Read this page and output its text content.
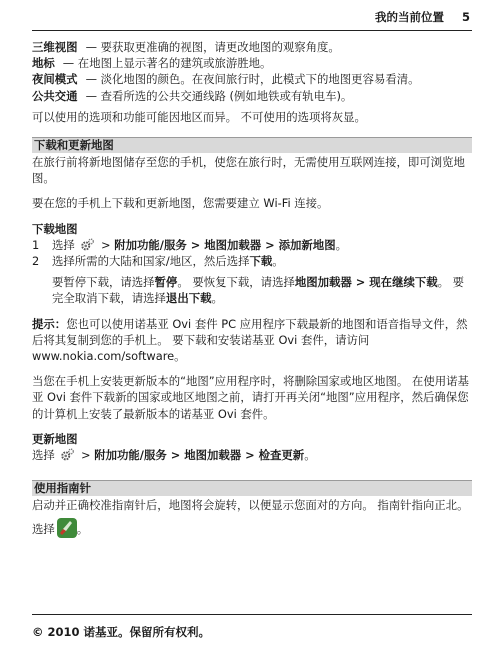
我的当前位置 5
三维视图 — 要获取更准确的视图，请更改地图的观察角度。
地标 — 在地图上显示著名的建筑或旅游胜地。
夜间模式 — 淡化地图的颜色。在夜间旅行时，此模式下的地图更容易看清。
公共交通 — 查看所选的公共交通线路 (例如地铁或有轨电车)。

可以使用的选项和功能可能因地区而异。 不可使用的选项将灰显。

下载和更新地图

在旅行前将新地图储存至您的手机，使您在旅行时，无需使用互联网连接，即可浏览地图。

要在您的手机上下载和更新地图，您需要建立 Wi-Fi 连接。

下载地图

1	选择  > 附加功能/服务 > 地图加载器 > 添加新地图。
2	选择所需的大陆和国家/地区，然后选择下载。

要暂停下载，请选择暂停。 要恢复下载，请选择地图加载器 > 现在继续下载。 要完全取消下载，请选择退出下载。

提示：您也可以使用诺基亚 Ovi 套件 PC 应用程序下载最新的地图和语音指导文件，然后将其复制到您的手机上。 要下载和安装诺基亚 Ovi 套件，请访问 www.nokia.com/software。

当您在手机上安装更新版本的“地图”应用程序时，将删除国家或地区地图。 在使用诺基亚 Ovi 套件下载新的国家或地区地图之前，请打开再关闭“地图”应用程序，然后确保您的计算机上安装了最新版本的诺基亚 Ovi 套件。

更新地图

选择  > 附加功能/服务 > 地图加载器 > 检查更新。

使用指南针

启动并正确校准指南针后，地图将会旋转，以便显示您面对的方向。 指南针指向正北。

选择 。

© 2010 诺基亚。保留所有权利。
